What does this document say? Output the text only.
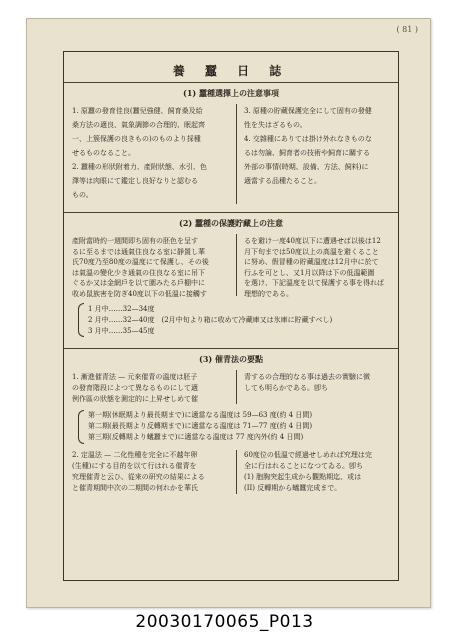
( 81 )
養 蠶 日 誌
(1) 蠶種選擇上の注意事項
1. 原蠶の發育佳良(蠶兒強健、飼育桑及給
桑方法の適良、氣象調節の合理的、眠起齊
一、上簇保護の良きもの)のものより採種
せるものなること。
2. 蠶種の形狀附着力、產附狀態、水引、色
澤等は肉眼にて鑑定し良好なりと認むる
もの。
3. 原種の貯藏保護完全にして固有の發健
性を失はざるもの。
4. 交雜種にありては掛け外れなきものな
るは勿論、飼育者の技術や飼育に關する
外部の事情(時期、設備、方法、飼料)に
適當する品種たること。
(2) 蠶種の保護貯藏上の注意
產附當時約一週間即ち固有の胚色を呈す
るに至るまでは通氣住良なる室に靜置し華
氏70度乃至80度の溫度にて保護し、その後
は氣溫の變化少き通氣の住良なる室に吊下
ぐるか又は金網戶を以て圍みたる戶棚中に
收め鼠族害を防ぎ40度以下の低溫に接觸す
るを避け一度40度以下に遭遇せば以後は12
月下旬までは50度以上の高溫を避くること
に努め、假冒種の貯藏溫度は12月中に於て
行ふを可とし、又1月以降は下の低溫範圍
を選け、下記溫度を以て保護する事を得れば
理想的である。
1 月中……32—34度
2 月中……32—40度　(2月中旬より箱に收めて冷藏庫又は氷庫に貯藏すべし)
3 月中……35—45度
(3) 催青法の要點
1. 漸進催青法 — 元來催青の溫度は胚子
の發育階段によつて異なるものにして適
例作區の狀態を測定的に上昇せしめて催
青するの合理的なる事は過去の實驗に徴
しても明らかである。卽ち
第一期(休眠期より最長期まで)に適當なる溫度は 59—63 度(約 4 日間)
第二期(最長期より反轉期まで)に適當なる溫度は 71—77 度(約 4 日間)
第三期(反轉期より蟻蠶まで)に適當なる溫度は 77 度內外(約 4 日間)
2. 定溫法 — 二化性種を完全に不越年卵
(生種)にする目的を以て行はれる催青を
究理催青と云ひ、從來の研究の結果による
と催青期間中次の二期間の何れかを華氏
60度位の低溫で經過せしめれば究理は完
全に行はれることになつてゐる。卽ち
(1) 胞胸突起生成から觀點期迄、或は
(II) 反轉期から蟻蠶完成まで。
20030170065_P013
